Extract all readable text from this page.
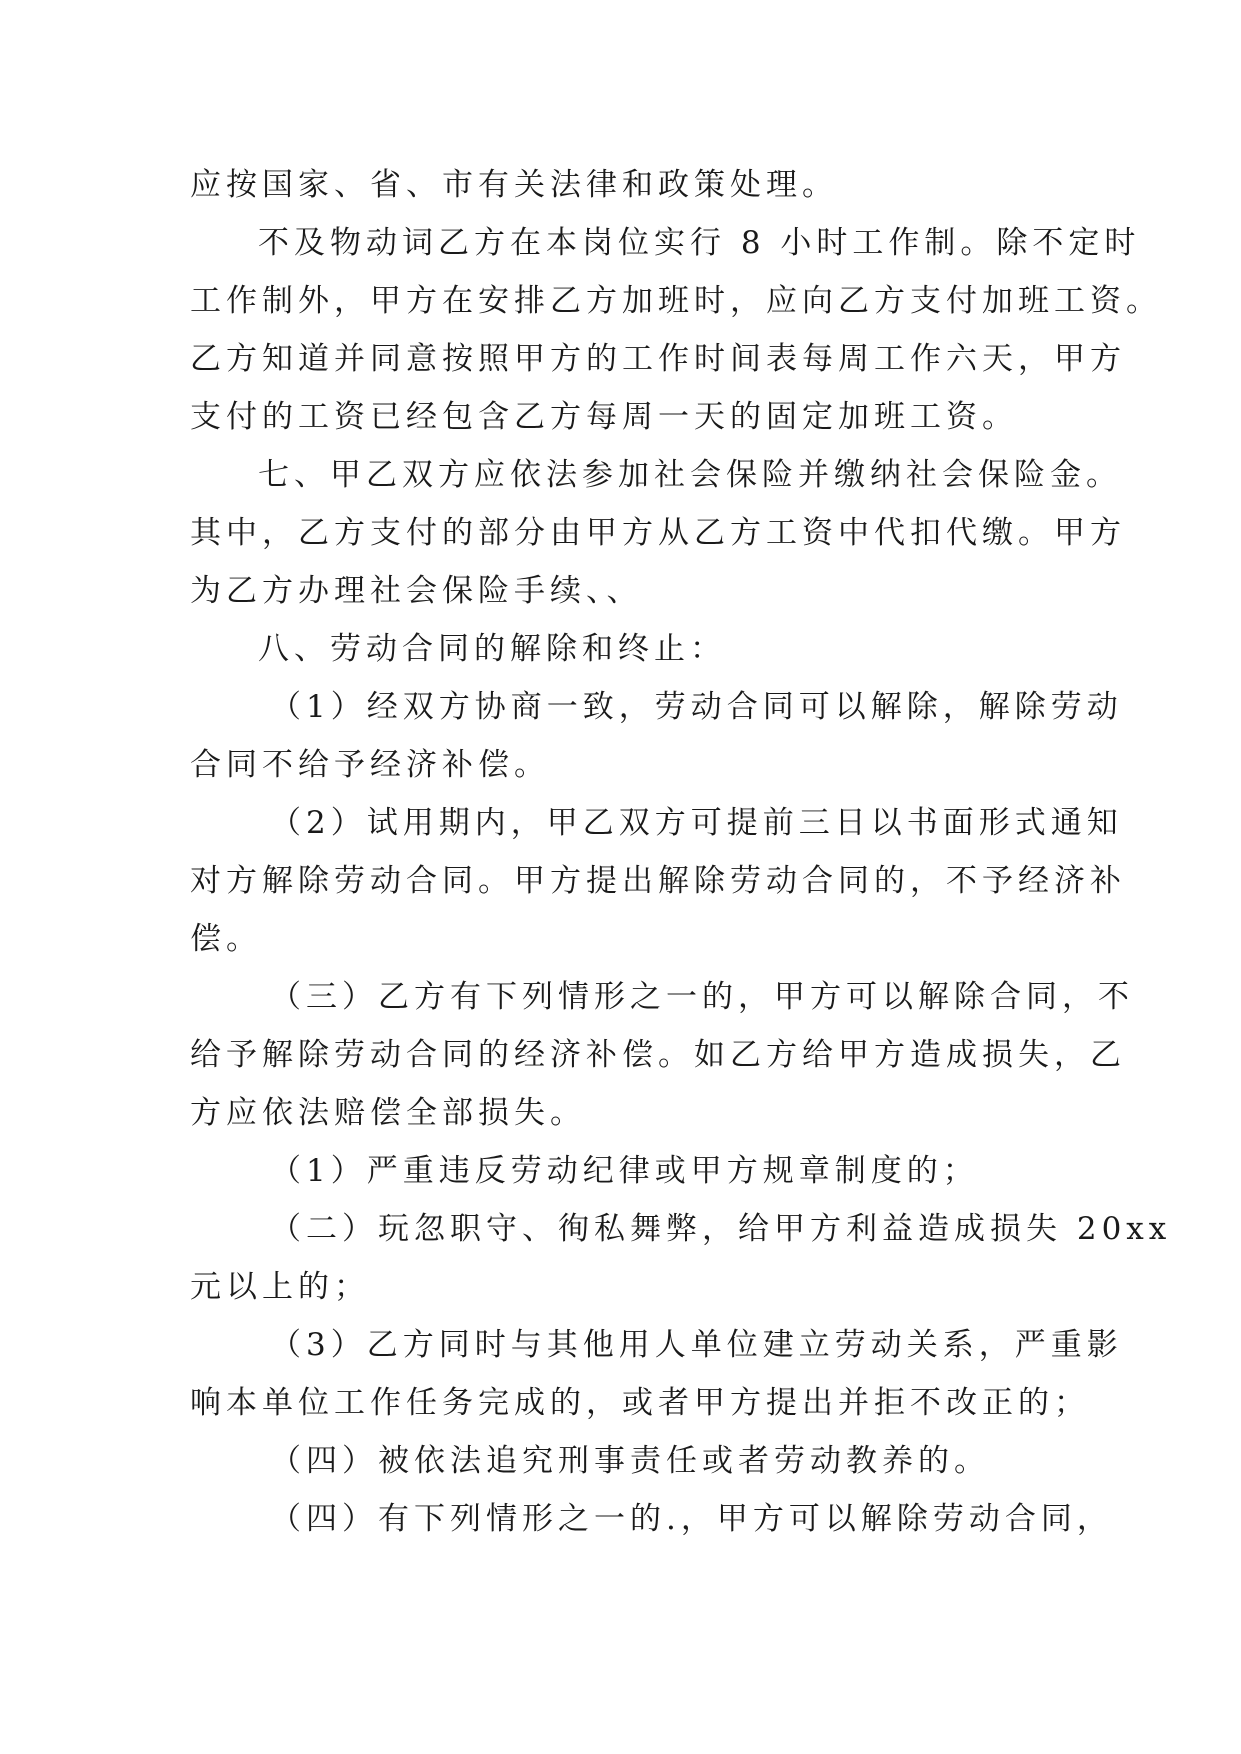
应按国家、省、市有关法律和政策处理。
不及物动词乙方在本岗位实行 8 小时工作制。除不定时
工作制外，甲方在安排乙方加班时，应向乙方支付加班工资。
乙方知道并同意按照甲方的工作时间表每周工作六天，甲方
支付的工资已经包含乙方每周一天的固定加班工资。
七、甲乙双方应依法参加社会保险并缴纳社会保险金。
其中，乙方支付的部分由甲方从乙方工资中代扣代缴。甲方
为乙方办理社会保险手续、、
八、劳动合同的解除和终止：
（1）经双方协商一致，劳动合同可以解除，解除劳动
合同不给予经济补偿。
（2）试用期内，甲乙双方可提前三日以书面形式通知
对方解除劳动合同。甲方提出解除劳动合同的，不予经济补
偿。
（三）乙方有下列情形之一的，甲方可以解除合同，不
给予解除劳动合同的经济补偿。如乙方给甲方造成损失，乙
方应依法赔偿全部损失。
（1）严重违反劳动纪律或甲方规章制度的；
（二）玩忽职守、徇私舞弊，给甲方利益造成损失 20xx
元以上的；
（3）乙方同时与其他用人单位建立劳动关系，严重影
响本单位工作任务完成的，或者甲方提出并拒不改正的；
（四）被依法追究刑事责任或者劳动教养的。
（四）有下列情形之一的.，甲方可以解除劳动合同，
